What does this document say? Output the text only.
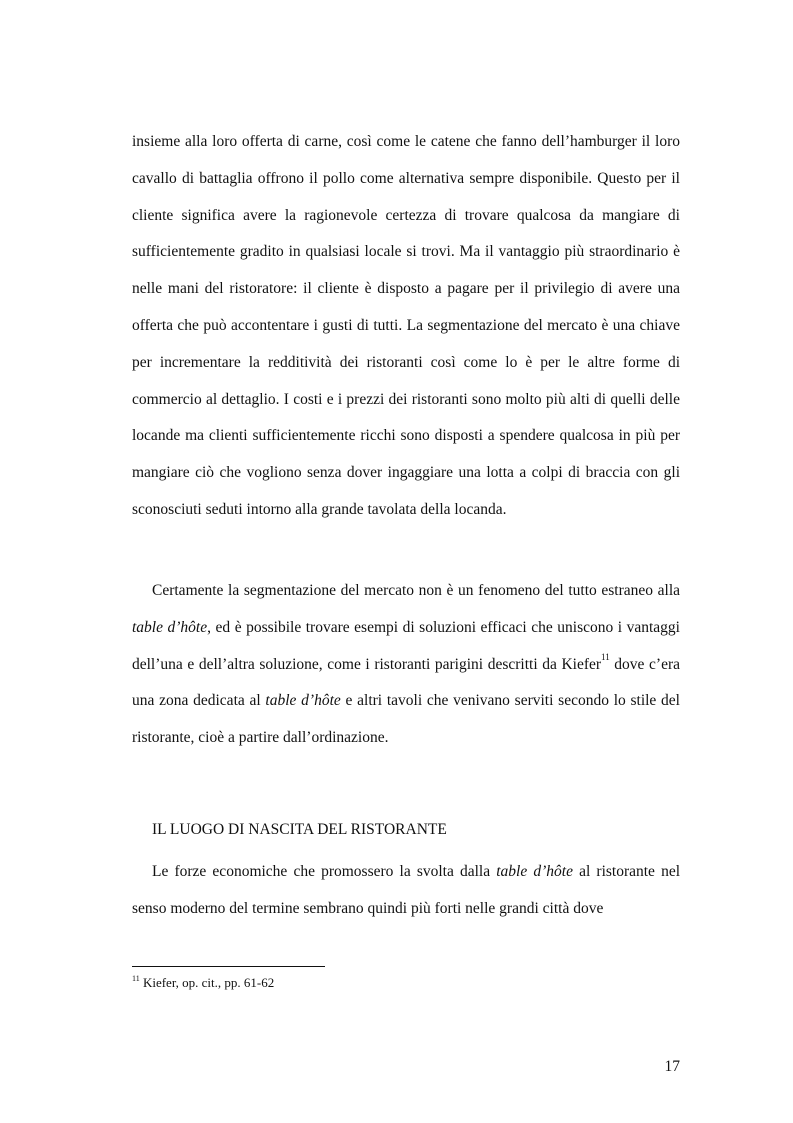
insieme alla loro offerta di carne, così come le catene che fanno dell’hamburger il loro cavallo di battaglia offrono il pollo come alternativa sempre disponibile. Questo per il cliente significa avere la ragionevole certezza di trovare qualcosa da mangiare di sufficientemente gradito in qualsiasi locale si trovi. Ma il vantaggio più straordinario è nelle mani del ristoratore: il cliente è disposto a pagare per il privilegio di avere una offerta che può accontentare i gusti di tutti. La segmentazione del mercato è una chiave per incrementare la redditività dei ristoranti così come lo è per le altre forme di commercio al dettaglio. I costi e i prezzi dei ristoranti sono molto più alti di quelli delle locande ma clienti sufficientemente ricchi sono disposti a spendere qualcosa in più per mangiare ciò che vogliono senza dover ingaggiare una lotta a colpi di braccia con gli sconosciuti seduti intorno alla grande tavolata della locanda.

Certamente la segmentazione del mercato non è un fenomeno del tutto estraneo alla table d’hôte, ed è possibile trovare esempi di soluzioni efficaci che uniscono i vantaggi dell’una e dell’altra soluzione, come i ristoranti parigini descritti da Kiefer$^{11}$ dove c’era una zona dedicata al table d’hôte e altri tavoli che venivano serviti secondo lo stile del ristorante, cioè a partire dall’ordinazione.

IL LUOGO DI NASCITA DEL RISTORANTE

Le forze economiche che promossero la svolta dalla table d’hôte al ristorante nel senso moderno del termine sembrano quindi più forti nelle grandi città dove

$^{11}$ Kiefer, op. cit., pp. 61-62

17
